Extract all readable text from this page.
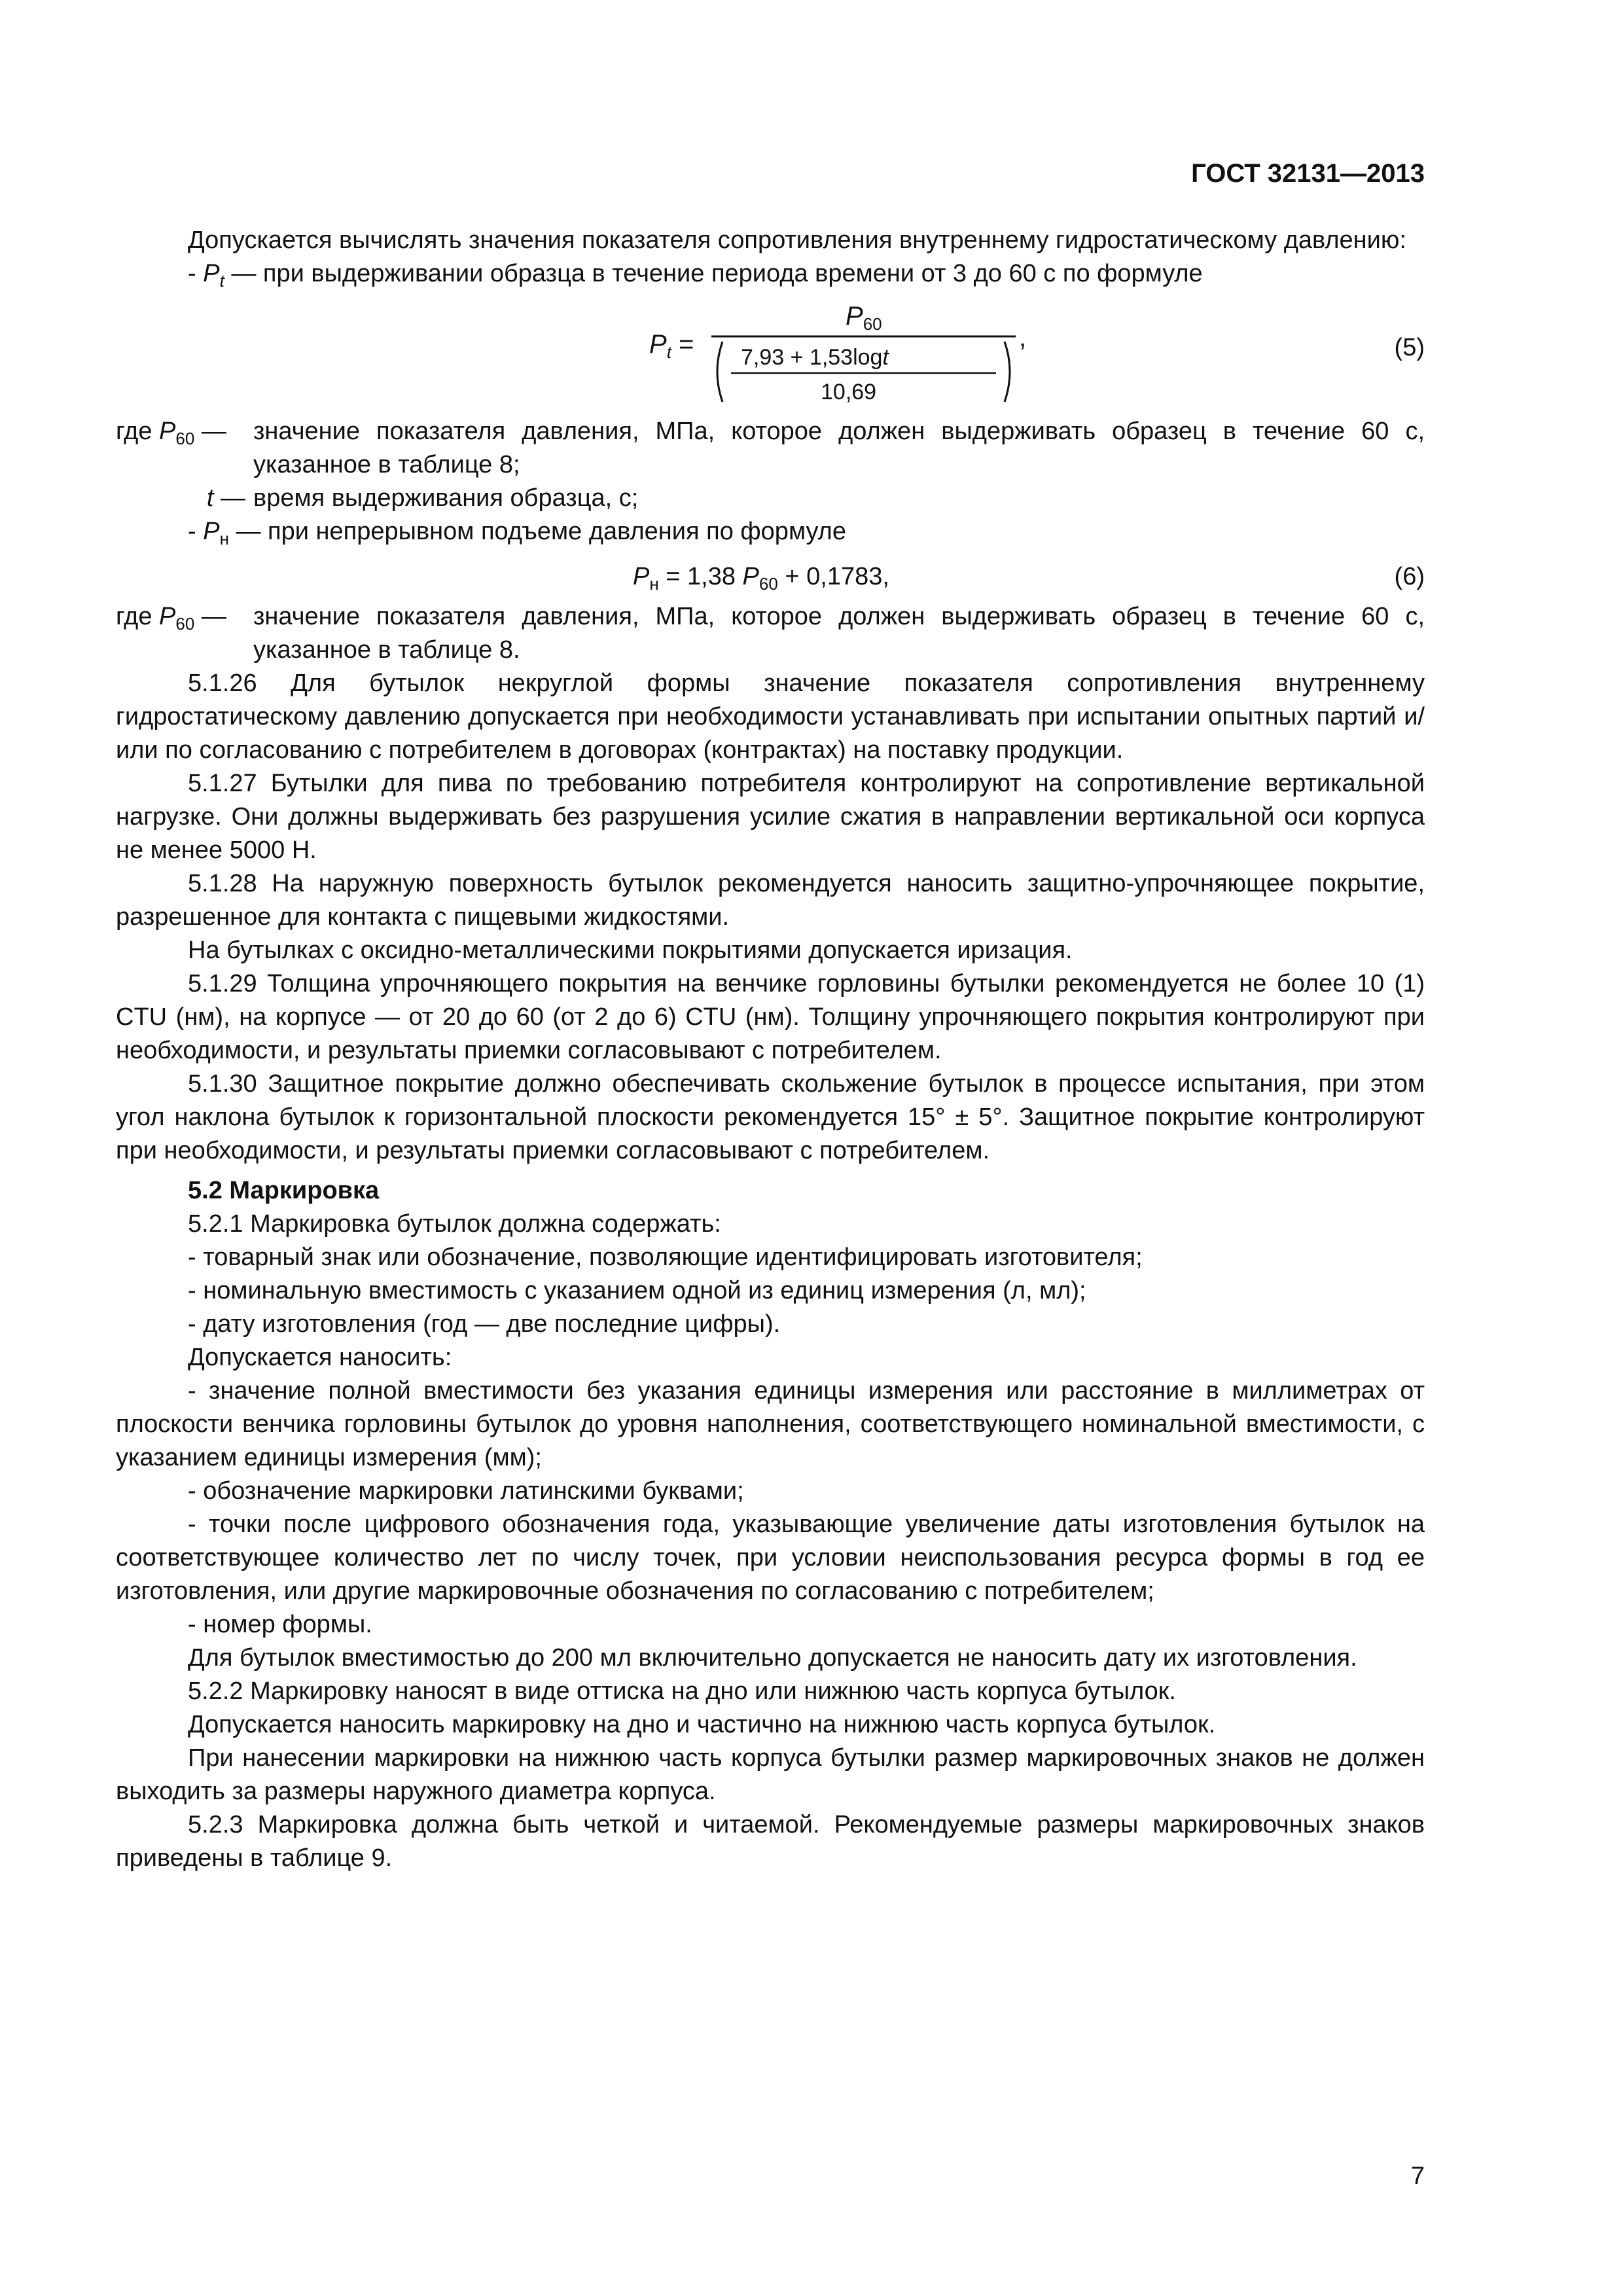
ГОСТ 32131—2013

Допускается вычислять значения показателя сопротивления внутреннему гидростатическому давлению:

- $P_t$ — при выдерживании образца в течение периода времени от 3 до 60 с по формуле

$P_t$ =
$P_{60}$	,
7,93 + 1,53logt
10,69
(5)
где $P_{60}$ —	значение показателя давления, МПа, которое должен выдерживать образец в течение 60 с, указанное в таблице 8;
t — время выдерживания образца, с;

- $P_н$ — при непрерывном подъеме давления по формуле

$P_н = 1,38$ $P_{60} + 0,1783$,	(6)
где $P_{60}$ —	значение показателя давления, МПа, которое должен выдерживать образец в течение 60 с, указанное в таблице 8.

5.1.26 Для бутылок некруглой формы значение показателя сопротивления внутреннему гидростатическому давлению допускается при необходимости устанавливать при испытании опытных партий и/или по согласованию с потребителем в договорах (контрактах) на поставку продукции.

5.1.27 Бутылки для пива по требованию потребителя контролируют на сопротивление вертикальной нагрузке. Они должны выдерживать без разрушения усилие сжатия в направлении вертикальной оси корпуса не менее 5000 Н.

5.1.28 На наружную поверхность бутылок рекомендуется наносить защитно-упрочняющее покрытие, разрешенное для контакта с пищевыми жидкостями.

На бутылках с оксидно-металлическими покрытиями допускается иризация.

5.1.29 Толщина упрочняющего покрытия на венчике горловины бутылки рекомендуется не более 10 (1) CTU (нм), на корпусе — от 20 до 60 (от 2 до 6) CTU (нм). Толщину упрочняющего покрытия контролируют при необходимости, и результаты приемки согласовывают с потребителем.

5.1.30 Защитное покрытие должно обеспечивать скольжение бутылок в процессе испытания, при этом угол наклона бутылок к горизонтальной плоскости рекомендуется 15° ± 5°. Защитное покрытие контролируют при необходимости, и результаты приемки согласовывают с потребителем.

5.2 Маркировка

5.2.1 Маркировка бутылок должна содержать:

- товарный знак или обозначение, позволяющие идентифицировать изготовителя;

- номинальную вместимость с указанием одной из единиц измерения (л, мл);

- дату изготовления (год — две последние цифры).

Допускается наносить:

- значение полной вместимости без указания единицы измерения или расстояние в миллиметрах от плоскости венчика горловины бутылок до уровня наполнения, соответствующего номинальной вместимости, с указанием единицы измерения (мм);

- обозначение маркировки латинскими буквами;

- точки после цифрового обозначения года, указывающие увеличение даты изготовления бутылок на соответствующее количество лет по числу точек, при условии неиспользования ресурса формы в год ее изготовления, или другие маркировочные обозначения по согласованию с потребителем;

- номер формы.

Для бутылок вместимостью до 200 мл включительно допускается не наносить дату их изготовления.

5.2.2 Маркировку наносят в виде оттиска на дно или нижнюю часть корпуса бутылок.

Допускается наносить маркировку на дно и частично на нижнюю часть корпуса бутылок.

При нанесении маркировки на нижнюю часть корпуса бутылки размер маркировочных знаков не должен выходить за размеры наружного диаметра корпуса.

5.2.3 Маркировка должна быть четкой и читаемой. Рекомендуемые размеры маркировочных знаков приведены в таблице 9.

7
